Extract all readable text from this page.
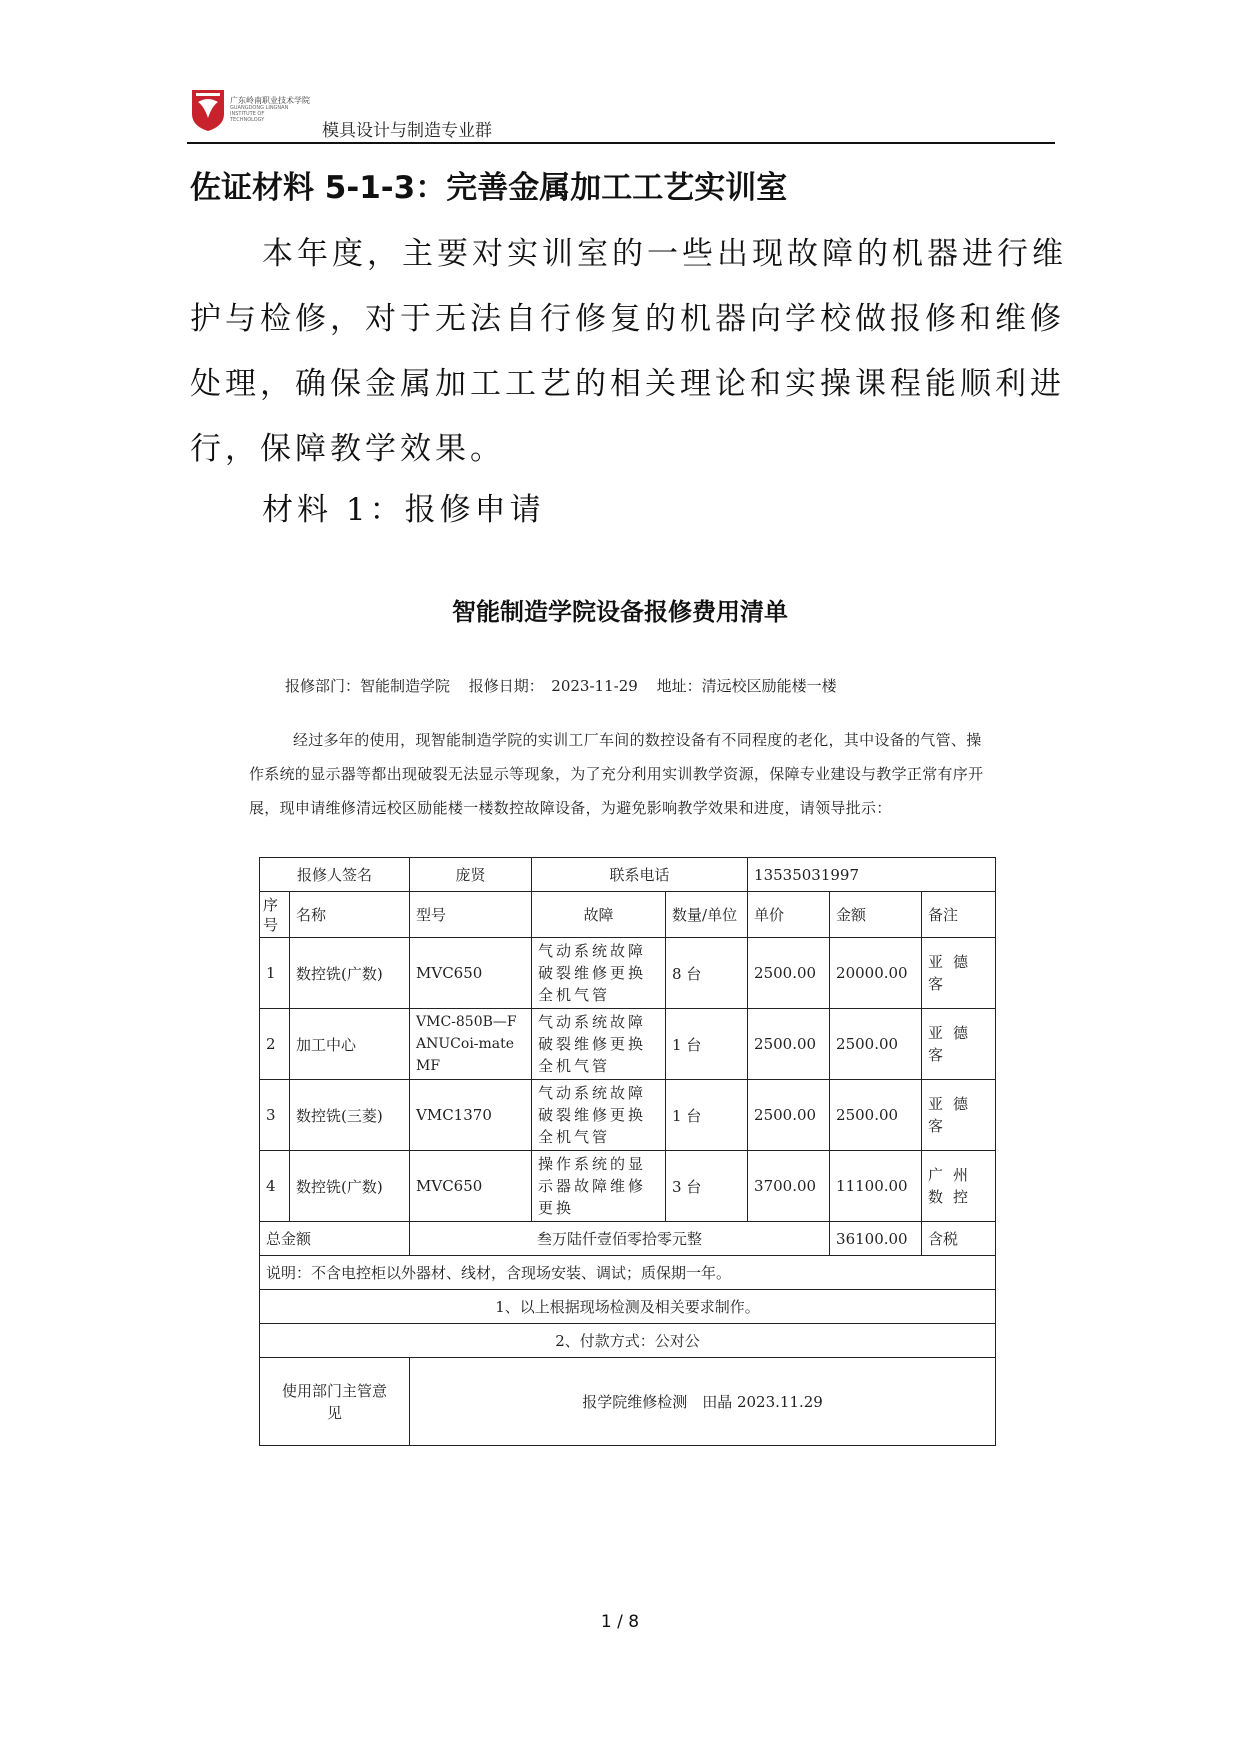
广东岭南职业技术学院
GUANGDONG LINGNAN INSTITUTE OF TECHNOLOGY
模具设计与制造专业群
佐证材料 5-1-3：完善金属加工工艺实训室
本年度，主要对实训室的一些出现故障的机器进行维护与检修，对于无法自行修复的机器向学校做报修和维修处理，确保金属加工工艺的相关理论和实操课程能顺利进行，保障教学效果。
材料 1：报修申请
智能制造学院设备报修费用清单
报修部门：智能制造学院 报修日期：　2023-11-29 地址：清远校区励能楼一楼
经过多年的使用，现智能制造学院的实训工厂车间的数控设备有不同程度的老化，其中设备的气管、操作系统的显示器等都出现破裂无法显示等现象，为了充分利用实训教学资源，保障专业建设与教学正常有序开展，现申请维修清远校区励能楼一楼数控故障设备，为避免影响教学效果和进度，请领导批示：
报修人签名		庞贤	联系电话		13535031997		
序号	名称	型号	故障	数量/单位	单价	金额	备注
1	数控铣(广数)	MVC650	气动系统故障破裂维修更换全机气管	8 台	2500.00	20000.00	亚德客
2	加工中心	VMC-850B—FANUCoi-mateMF	气动系统故障破裂维修更换全机气管	1 台	2500.00	2500.00	亚德客
3	数控铣(三菱)	VMC1370	气动系统故障破裂维修更换全机气管	1 台	2500.00	2500.00	亚德客
4	数控铣(广数)	MVC650	操作系统的显示器故障维修更换	3 台	3700.00	11100.00	广州数控
总金额		叁万陆仟壹佰零拾零元整				36100.00	含税
说明：不含电控柜以外器材、线材，含现场安装、调试；质保期一年。							
1、以上根据现场检测及相关要求制作。							
2、付款方式：公对公							
使用部门主管意见		报学院维修检测　田晶 2023.11.29					
1 / 8
